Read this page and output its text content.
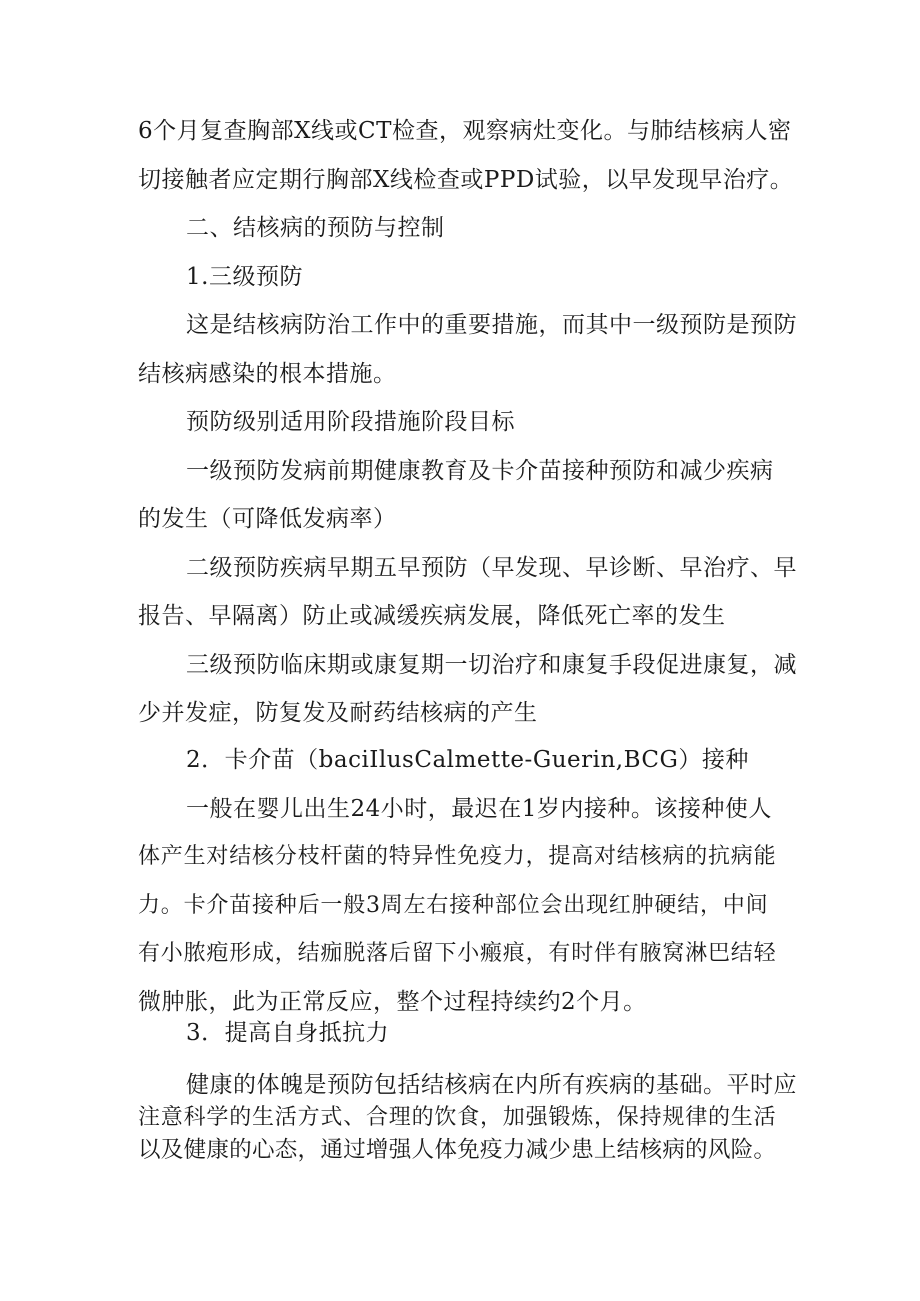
6个月复查胸部X线或CT检查，观察病灶变化。与肺结核病人密
切接触者应定期行胸部X线检查或PPD试验，以早发现早治疗。
二、结核病的预防与控制
1.三级预防
这是结核病防治工作中的重要措施，而其中一级预防是预防
结核病感染的根本措施。
预防级别适用阶段措施阶段目标
一级预防发病前期健康教育及卡介苗接种预防和减少疾病
的发生（可降低发病率）
二级预防疾病早期五早预防（早发现、早诊断、早治疗、早
报告、早隔离）防止或减缓疾病发展，降低死亡率的发生
三级预防临床期或康复期一切治疗和康复手段促进康复，减
少并发症，防复发及耐药结核病的产生
2．卡介苗（baciIlusCalmette-Guerin,BCG）接种
一般在婴儿出生24小时，最迟在1岁内接种。该接种使人
体产生对结核分枝杆菌的特异性免疫力，提高对结核病的抗病能
力。卡介苗接种后一般3周左右接种部位会出现红肿硬结，中间
有小脓疱形成，结痂脱落后留下小瘢痕，有时伴有腋窝淋巴结轻
微肿胀，此为正常反应，整个过程持续约2个月。
3．提高自身抵抗力
健康的体魄是预防包括结核病在内所有疾病的基础。平时应
注意科学的生活方式、合理的饮食，加强锻炼，保持规律的生活
以及健康的心态，通过增强人体免疫力减少患上结核病的风险。
